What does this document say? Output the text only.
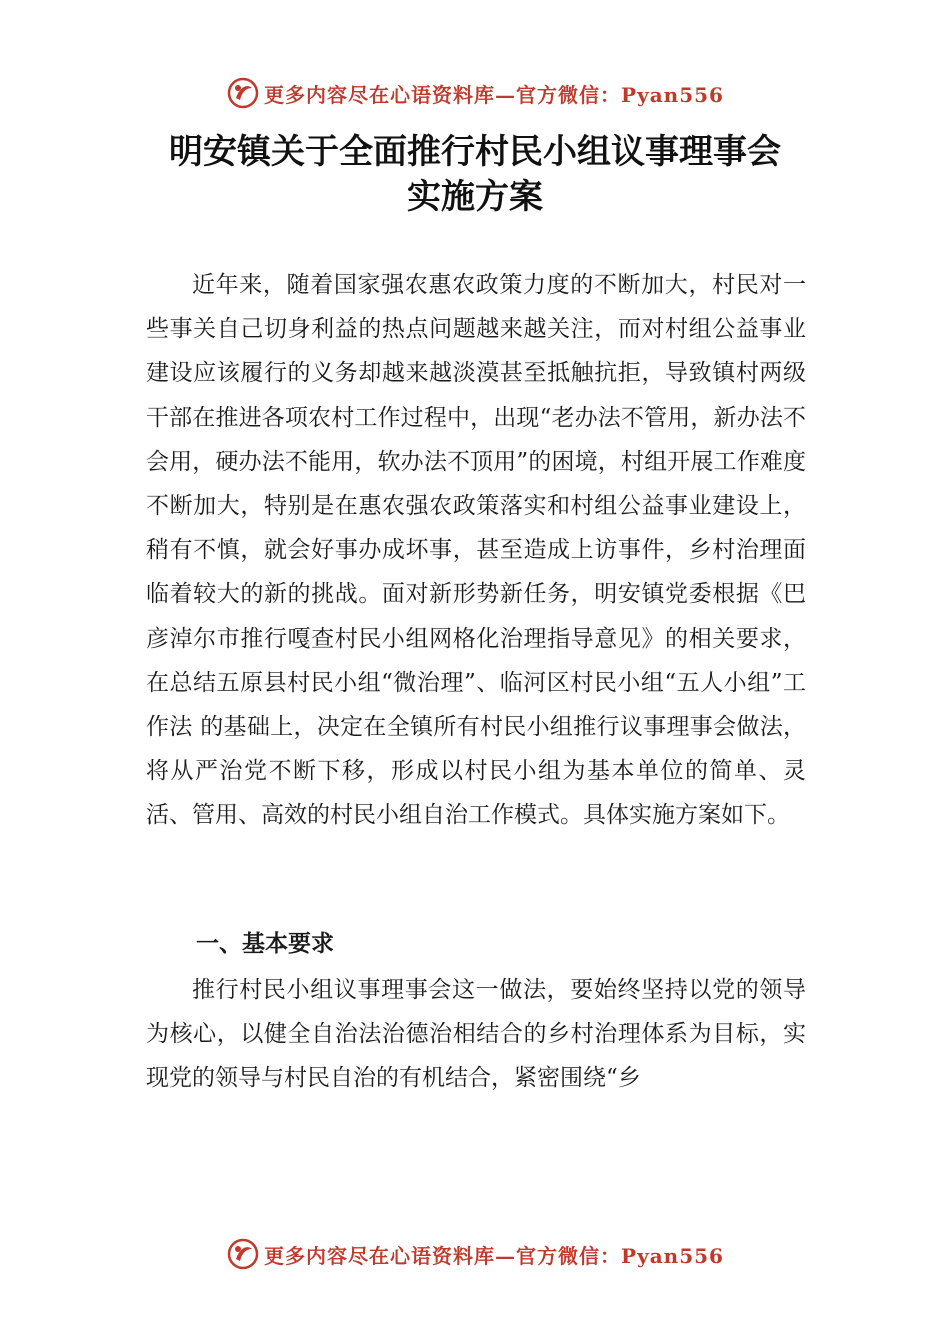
更多内容尽在心语资料库—官方微信：Pyan556
明安镇关于全面推行村民小组议事理事会
实施方案

近年来，随着国家强农惠农政策力度的不断加大，村民对一些事关自己切身利益的热点问题越来越关注，而对村组公益事业建设应该履行的义务却越来越淡漠甚至抵触抗拒，导致镇村两级干部在推进各项农村工作过程中，出现“老办法不管用，新办法不会用，硬办法不能用，软办法不顶用”的困境，村组开展工作难度不断加大，特别是在惠农强农政策落实和村组公益事业建设上，稍有不慎，就会好事办成坏事，甚至造成上访事件，乡村治理面临着较大的新的挑战。面对新形势新任务，明安镇党委根据《巴彦淖尔市推行嘎查村民小组网格化治理指导意见》的相关要求，在总结五原县村民小组“微治理”、临河区村民小组“五人小组”工作法 的基础上，决定在全镇所有村民小组推行议事理事会做法， 将从严治党不断下移，形成以村民小组为基本单位的简单、灵活、管用、高效的村民小组自治工作模式。具体实施方案如下。

一、基本要求

推行村民小组议事理事会这一做法，要始终坚持以党的领导为核心，以健全自治法治德治相结合的乡村治理体系为目标，实现党的领导与村民自治的有机结合，紧密围绕“乡

更多内容尽在心语资料库—官方微信：Pyan556
